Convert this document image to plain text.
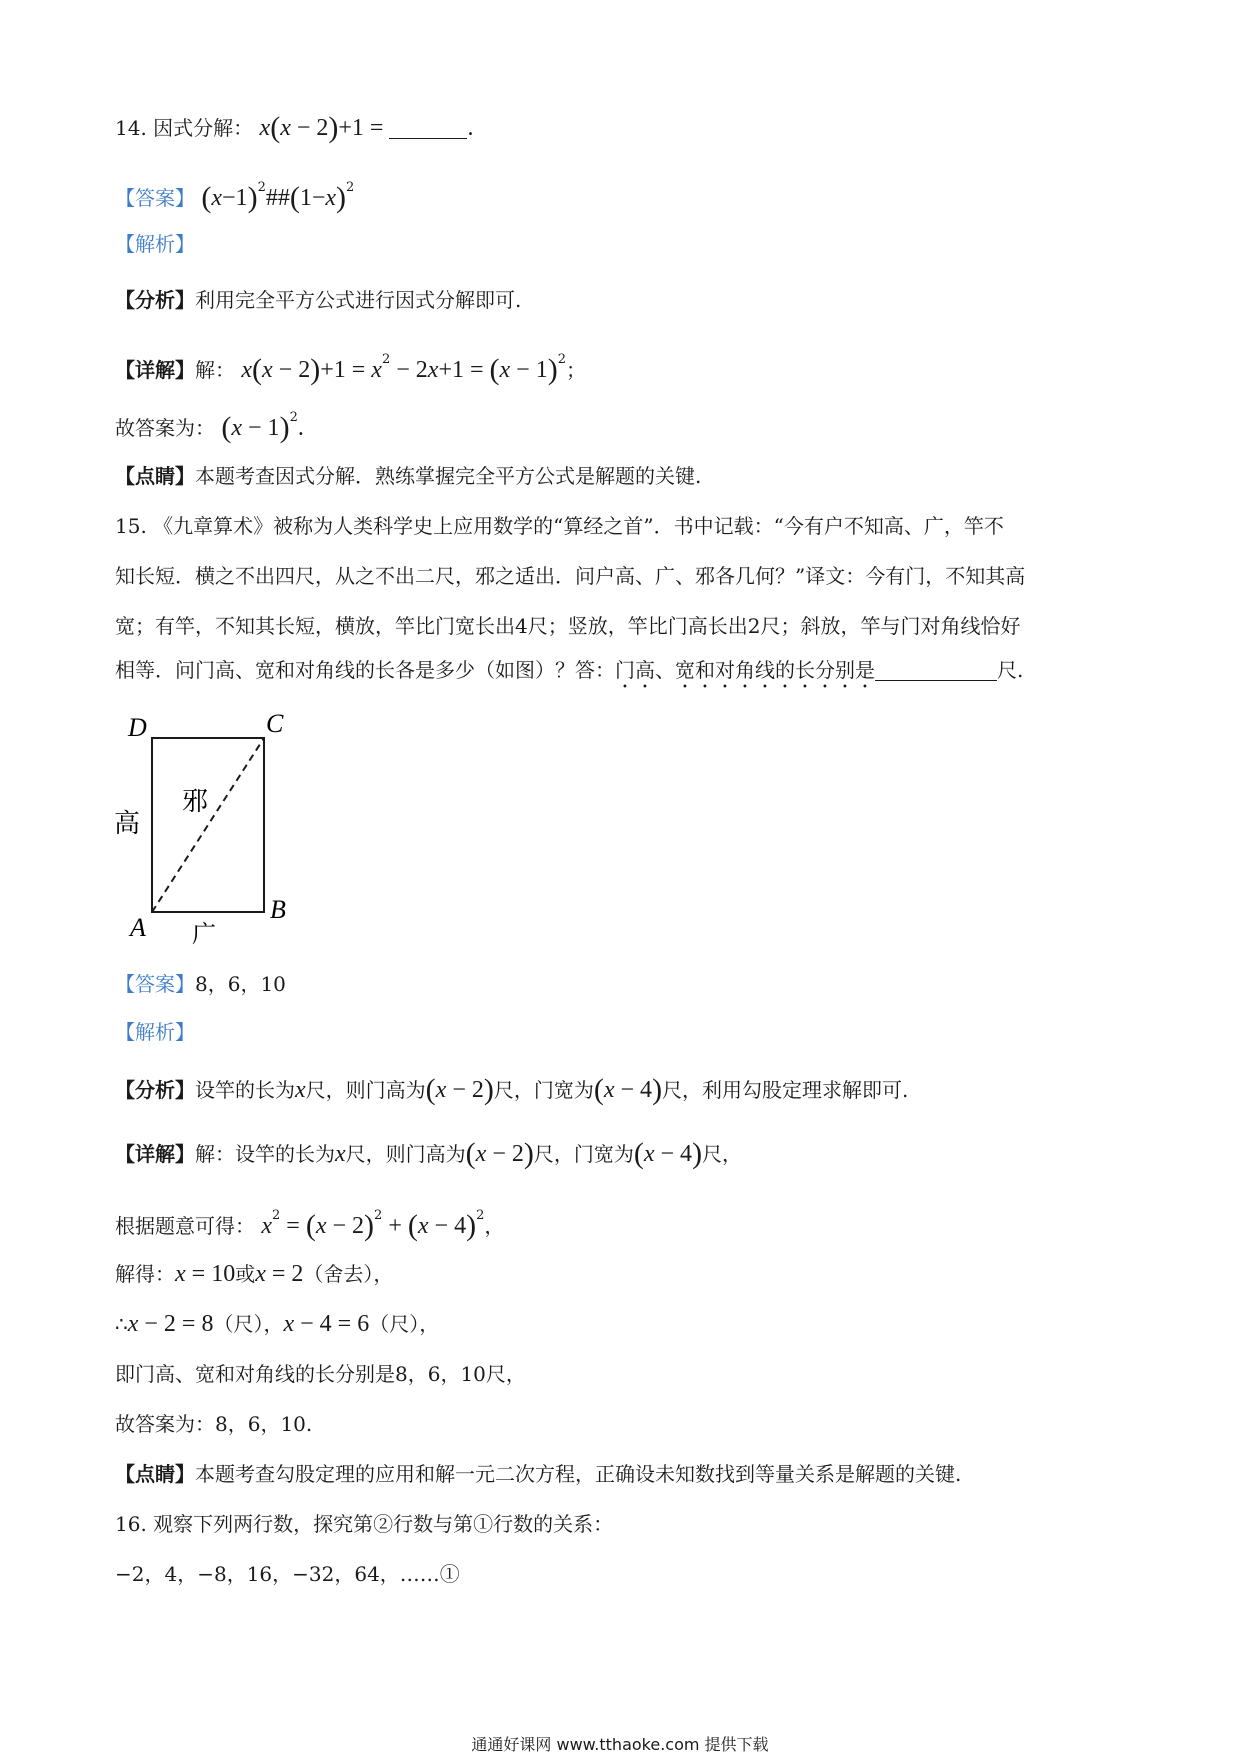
14. 因式分解： x(x − 2)+1 =	.
【答案】 $(x-1)^2\#\#(1-x)^2$
【解析】
【分析】利用完全平方公式进行因式分解即可.
【详解】解： $x(x - 2)+1 = x^2 - 2x+1 = (x - 1)^2$；
故答案为： $(x - 1)^2$.
【点睛】本题考查因式分解．熟练掌握完全平方公式是解题的关键.
15. 《九章算术》被称为人类科学史上应用数学的“算经之首”．书中记载：“今有户不知高、广，竿不
知长短．横之不出四尺，从之不出二尺，邪之适出．问户高、广、邪各几何？”译文：今有门，不知其高
宽；有竿，不知其长短，横放，竿比门宽长出4尺；竖放，竿比门高长出2尺；斜放，竿与门对角线恰好
相等．问门高、宽和对角线的长各是多少（如图）？答：门高、宽和对角线的长分别是	尺.
D	C
A
B
高
邪
广
【答案】8，6，10
【解析】
【分析】设竿的长为x尺，则门高为(x − 2)尺，门宽为(x − 4)尺，利用勾股定理求解即可.
【详解】解：设竿的长为x尺，则门高为(x − 2)尺，门宽为(x − 4)尺，
根据题意可得： $x^2 = (x - 2)^2 + (x - 4)^2$，
解得：x = 10或x = 2（舍去），
∴x − 2 = 8（尺），x − 4 = 6（尺），
即门高、宽和对角线的长分别是8，6，10尺，
故答案为：8，6，10.
【点睛】本题考查勾股定理的应用和解一元二次方程，正确设未知数找到等量关系是解题的关键.
16. 观察下列两行数，探究第②行数与第①行数的关系：
−2，4，−8，16，−32，64，……①
通通好课网 www.tthaoke.com 提供下载
